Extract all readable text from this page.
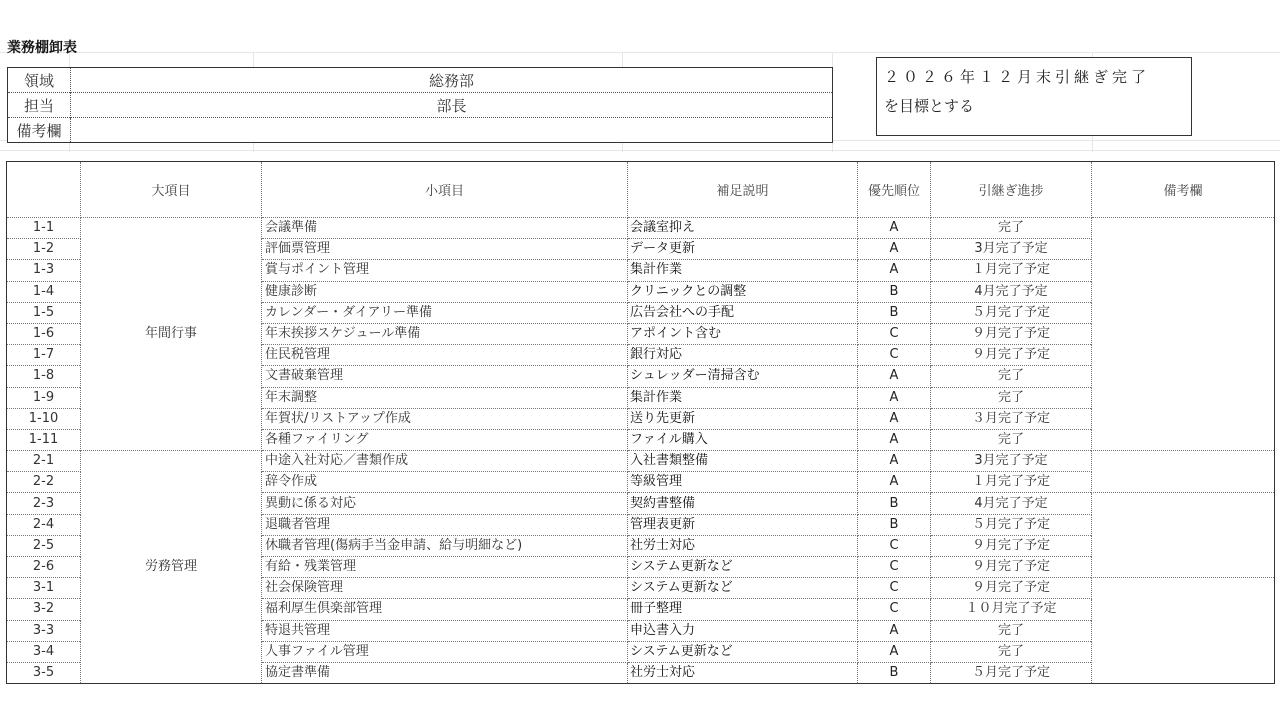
業務棚卸表
領域	総務部
担当	部長
備考欄	
２０２６年１２月末引継ぎ完了
を目標とする
	大項目	小項目	補足説明	優先順位	引継ぎ進捗	備考欄
1-1	年間行事	会議準備	会議室抑え	A	完了	
1-2		評価票管理	データ更新	A	3月完了予定	
1-3		賞与ポイント管理	集計作業	A	１月完了予定	
1-4		健康診断	クリニックとの調整	B	4月完了予定	
1-5		カレンダー・ダイアリー準備	広告会社への手配	B	５月完了予定	
1-6		年末挨拶スケジュール準備	アポイント含む	C	９月完了予定	
1-7		住民税管理	銀行対応	C	９月完了予定	
1-8		文書破棄管理	シュレッダー清掃含む	A	完了	
1-9		年末調整	集計作業	A	完了	
1-10		年賀状/リストアップ作成	送り先更新	A	３月完了予定	
1-11		各種ファイリング	ファイル購入	A	完了	
2-1	労務管理	中途入社対応／書類作成	入社書類整備	A	3月完了予定	
2-2		辞令作成	等級管理	A	１月完了予定	
2-3		異動に係る対応	契約書整備	B	4月完了予定	
2-4		退職者管理	管理表更新	B	５月完了予定	
2-5		休職者管理(傷病手当金申請、給与明細など)	社労士対応	C	９月完了予定	
2-6		有給・残業管理	システム更新など	C	９月完了予定	
3-1		社会保険管理	システム更新など	C	９月完了予定	
3-2		福利厚生倶楽部管理	冊子整理	C	１０月完了予定	
3-3		特退共管理	申込書入力	A	完了	
3-4		人事ファイル管理	システム更新など	A	完了	
3-5		協定書準備	社労士対応	B	５月完了予定	
